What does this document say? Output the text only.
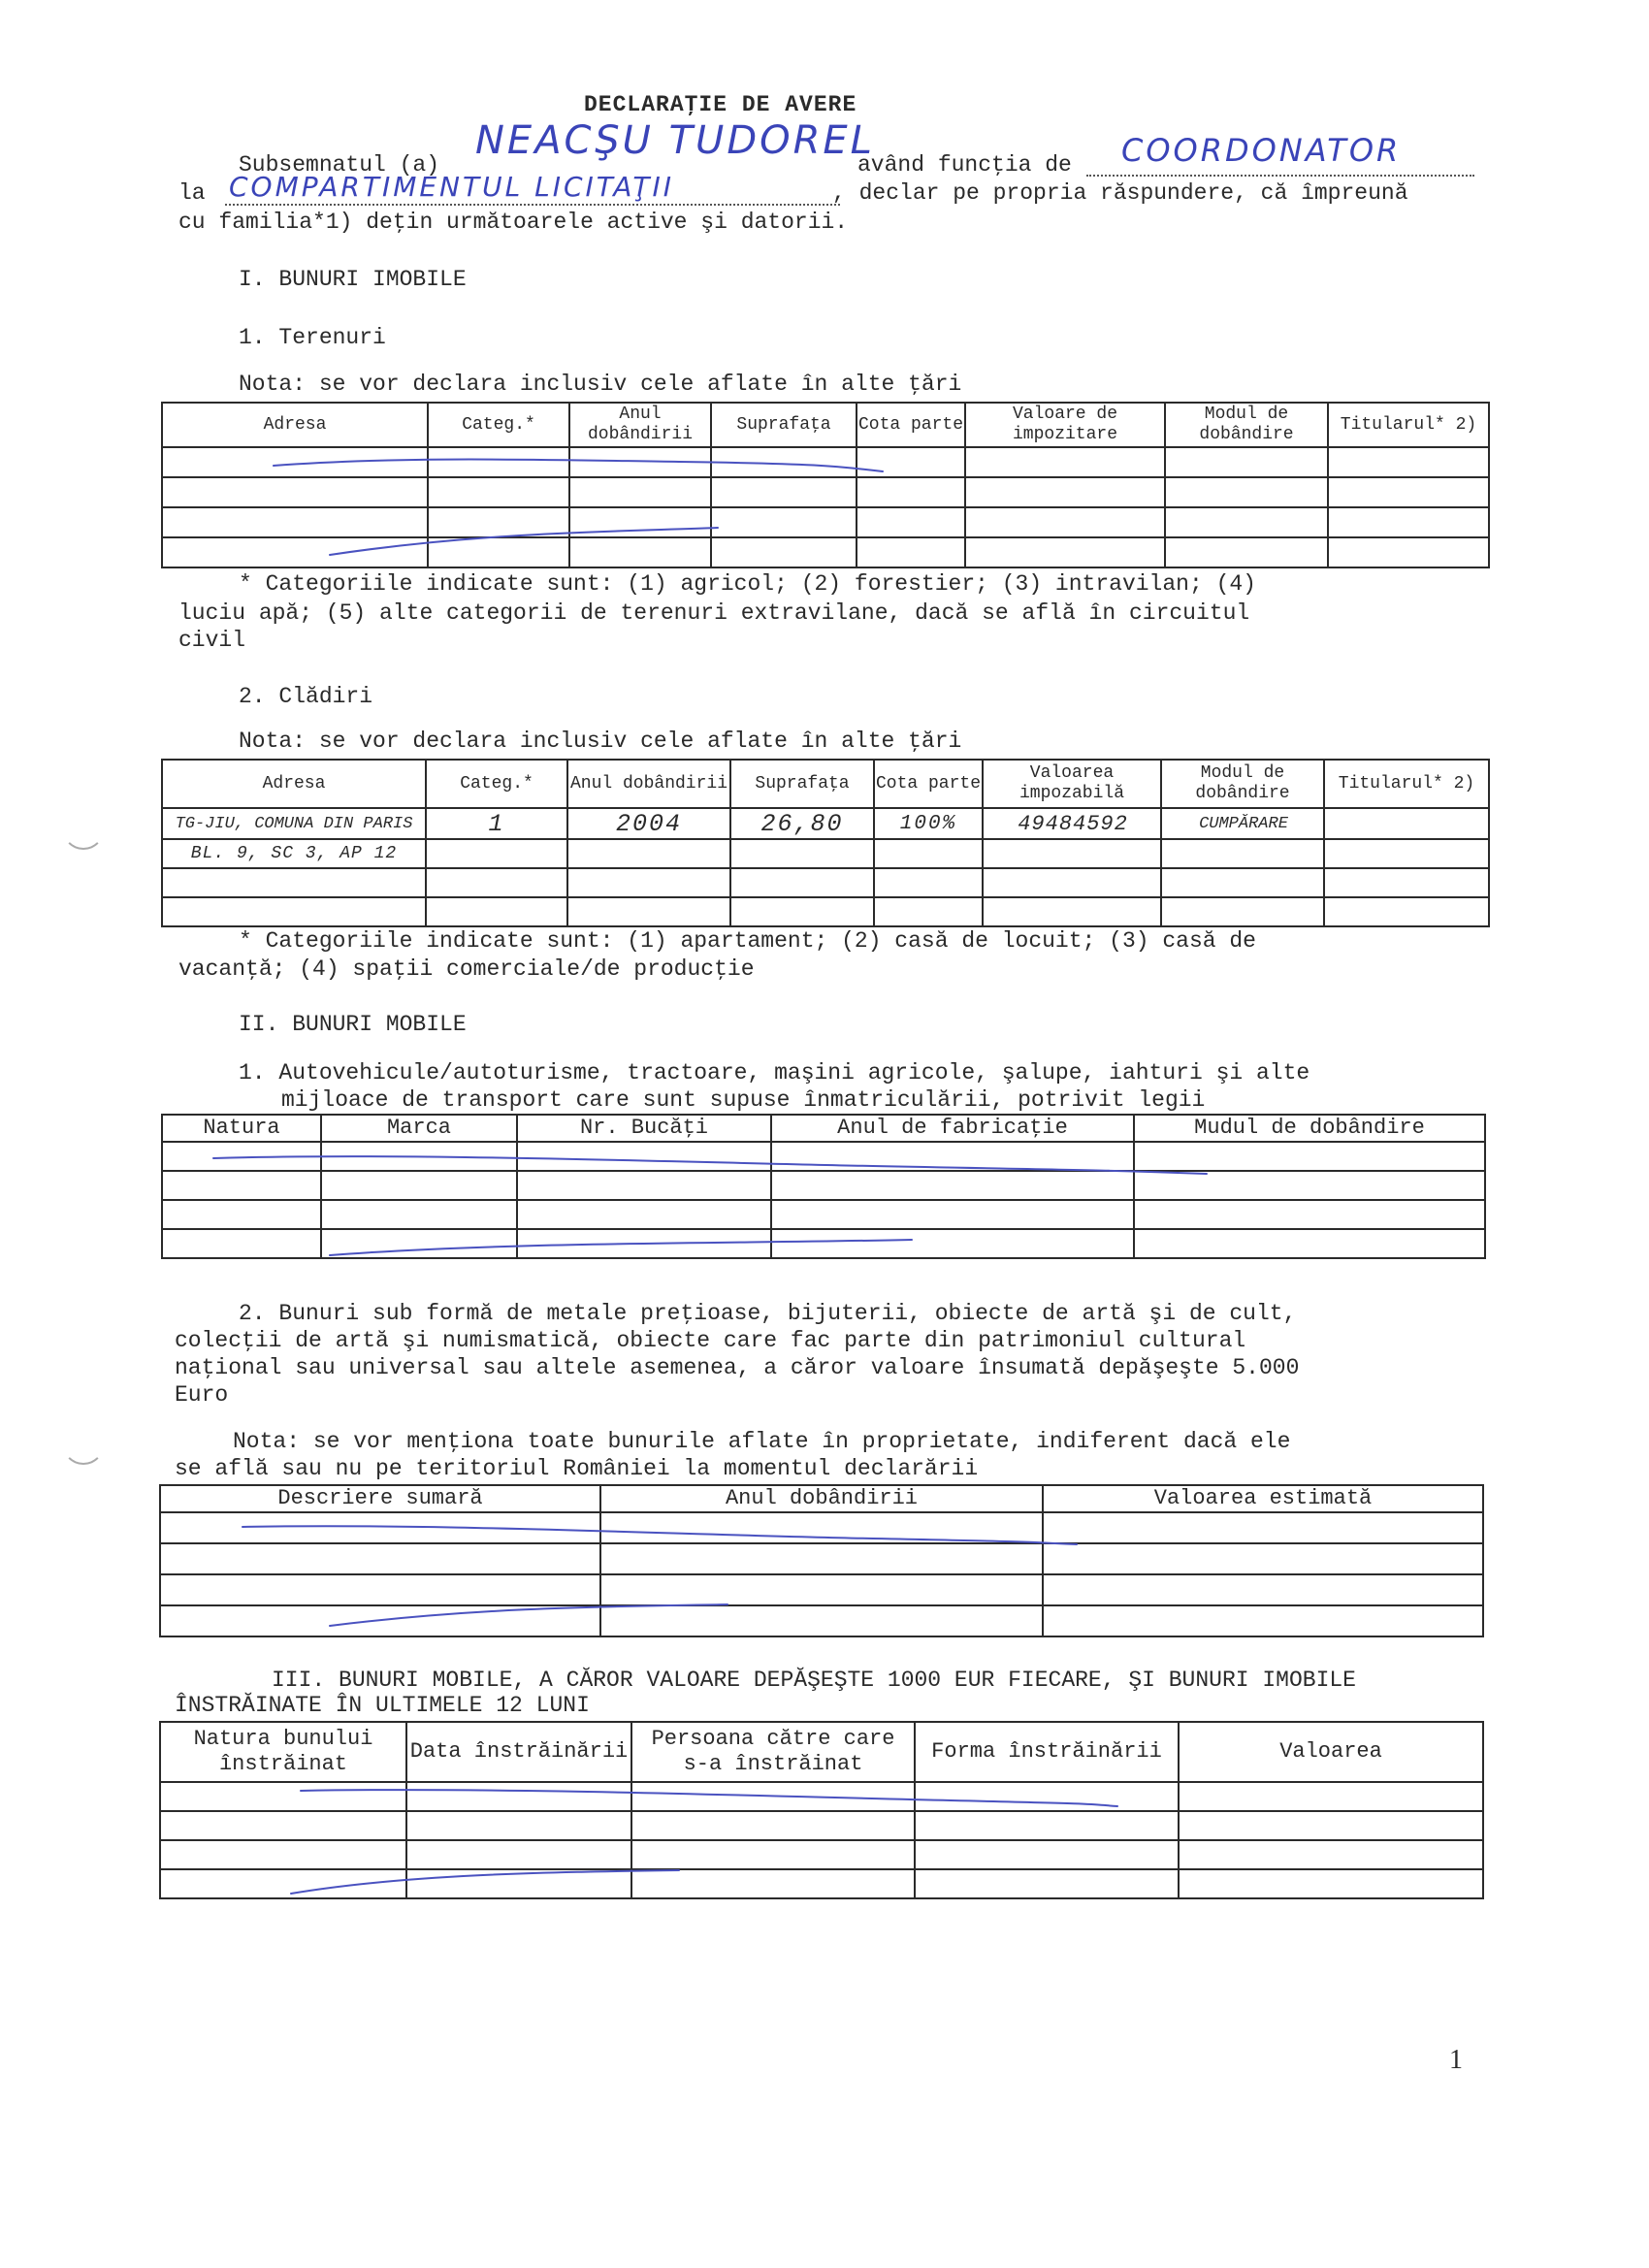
DECLARAŢIE DE AVERE
Subsemnatul (a)
NEACŞU TUDOREL
având funcţia de COORDONATOR
la COMPARTIMENTUL LICITAŢII	, declar pe propria răspundere, că împreună
cu familia*1) deţin următoarele active şi datorii.
I. BUNURI IMOBILE
1. Terenuri
Nota: se vor declara inclusiv cele aflate în alte ţări
Adresa	Categ.*	Anul dobândirii	Suprafaţa	Cota parte	Valoare de impozitare	Modul de dobândire	Titularul* 2)

* Categoriile indicate sunt: (1) agricol; (2) forestier; (3) intravilan; (4)
luciu apă; (5) alte categorii de terenuri extravilane, dacă se află în circuitul
civil
2. Clădiri
Nota: se vor declara inclusiv cele aflate în alte ţări
Adresa	Categ.*	Anul dobândirii	Suprafaţa	Cota parte	Valoarea impozabilă	Modul de dobândire	Titularul* 2)

TG-JIU, COMUNA DIN PARIS	1	2004	26,80	100%	49484592	CUMPĂRARE	
BL. 9, SC 3, AP 12							

* Categoriile indicate sunt: (1) apartament; (2) casă de locuit; (3) casă de
vacanţă; (4) spaţii comerciale/de producţie
II. BUNURI MOBILE
1. Autovehicule/autoturisme, tractoare, maşini agricole, şalupe, iahturi şi alte
mijloace de transport care sunt supuse înmatriculării, potrivit legii
Natura	Marca	Nr. Bucăţi	Anul de fabricaţie	Mudul de dobândire

2. Bunuri sub formă de metale preţioase, bijuterii, obiecte de artă şi de cult,
colecţii de artă şi numismatică, obiecte care fac parte din patrimoniul cultural
naţional sau universal sau altele asemenea, a căror valoare însumată depăşeşte 5.000
Euro
Nota: se vor menţiona toate bunurile aflate în proprietate, indiferent dacă ele
se află sau nu pe teritoriul României la momentul declarării
Descriere sumară	Anul dobândirii	Valoarea estimată

III. BUNURI MOBILE, A CĂROR VALOARE DEPĂŞEŞTE 1000 EUR FIECARE, ŞI BUNURI IMOBILE
ÎNSTRĂINATE ÎN ULTIMELE 12 LUNI
Natura bunului înstrăinat	Data înstrăinării	Persoana către care s-a înstrăinat	Forma înstrăinării	Valoarea

1
